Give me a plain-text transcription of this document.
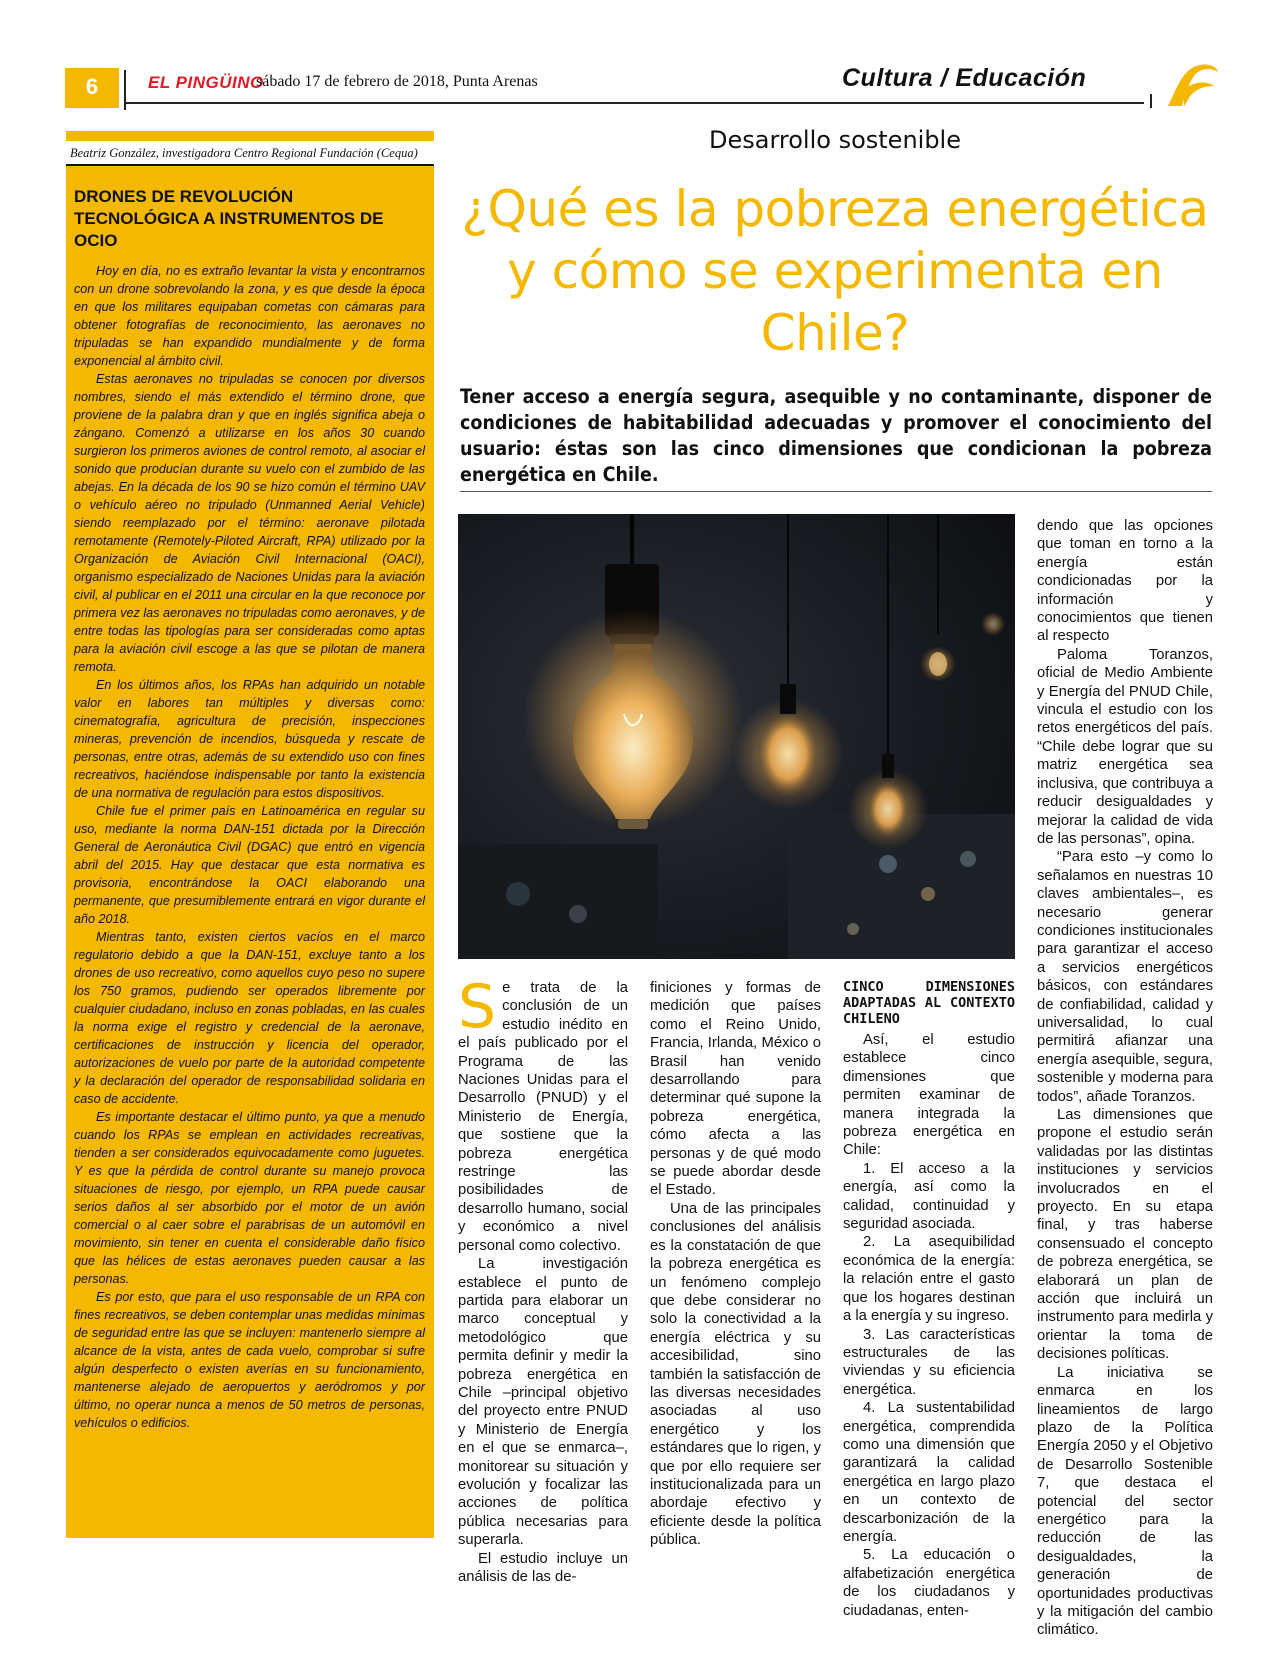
6	EL PINGÜINO
sábado 17 de febrero de 2018, Punta Arenas	Cultura / Educación
Beatriz González, investigadora Centro Regional Fundación (Cequa)
DRONES DE REVOLUCIÓN TECNOLÓGICA A INSTRUMENTOS DE OCIO

Hoy en día, no es extraño levantar la vista y encontrarnos con un drone sobrevolando la zona, y es que desde la época en que los militares equipaban cometas con cámaras para obtener fotografías de reconocimiento, las aeronaves no tripuladas se han expandido mundialmente y de forma exponencial al ámbito civil.

Estas aeronaves no tripuladas se conocen por diversos nombres, siendo el más extendido el término drone, que proviene de la palabra dran y que en inglés significa abeja o zángano. Comenzó a utilizarse en los años 30 cuando surgieron los primeros aviones de control remoto, al asociar el sonido que producían durante su vuelo con el zumbido de las abejas. En la década de los 90 se hizo común el término UAV o vehículo aéreo no tripulado (Unmanned Aerial Vehicle) siendo reemplazado por el término: aeronave pilotada remotamente (Remotely-Piloted Aircraft, RPA) utilizado por la Organización de Aviación Civil Internacional (OACI), organismo especializado de Naciones Unidas para la aviación civil, al publicar en el 2011 una circular en la que reconoce por primera vez las aeronaves no tripuladas como aeronaves, y de entre todas las tipologías para ser consideradas como aptas para la aviación civil escoge a las que se pilotan de manera remota.

En los últimos años, los RPAs han adquirido un notable valor en labores tan múltiples y diversas como: cinematografía, agricultura de precisión, inspecciones mineras, prevención de incendios, búsqueda y rescate de personas, entre otras, además de su extendido uso con fines recreativos, haciéndose indispensable por tanto la existencia de una normativa de regulación para estos dispositivos.

Chile fue el primer país en Latinoamérica en regular su uso, mediante la norma DAN-151 dictada por la Dirección General de Aeronáutica Civil (DGAC) que entró en vigencia abril del 2015. Hay que destacar que esta normativa es provisoria, encontrándose la OACI elaborando una permanente, que presumiblemente entrará en vigor durante el año 2018.

Mientras tanto, existen ciertos vacíos en el marco regulatorio debido a que la DAN-151, excluye tanto a los drones de uso recreativo, como aquellos cuyo peso no supere los 750 gramos, pudiendo ser operados libremente por cualquier ciudadano, incluso en zonas pobladas, en las cuales la norma exige el registro y credencial de la aeronave, certificaciones de instrucción y licencia del operador, autorizaciones de vuelo por parte de la autoridad competente y la declaración del operador de responsabilidad solidaria en caso de accidente.

Es importante destacar el último punto, ya que a menudo cuando los RPAs se emplean en actividades recreativas, tienden a ser considerados equivocadamente como juguetes. Y es que la pérdida de control durante su manejo provoca situaciones de riesgo, por ejemplo, un RPA puede causar serios daños al ser absorbido por el motor de un avión comercial o al caer sobre el parabrisas de un automóvil en movimiento, sin tener en cuenta el considerable daño físico que las hélices de estas aeronaves pueden causar a las personas.

Es por esto, que para el uso responsable de un RPA con fines recreativos, se deben contemplar unas medidas mínimas de seguridad entre las que se incluyen: mantenerlo siempre al alcance de la vista, antes de cada vuelo, comprobar si sufre algún desperfecto o existen averías en su funcionamiento, mantenerse alejado de aeropuertos y aeródromos y por último, no operar nunca a menos de 50 metros de personas, vehículos o edificios.

Desarrollo sostenible
¿Qué es la pobreza energética y cómo se experimenta en Chile?
Tener acceso a energía segura, asequible y no contaminante, disponer de condiciones de habitabilidad adecuadas y promover el conocimiento del usuario: éstas son las cinco dimensiones que condicionan la pobreza energética en Chile.
S e trata de la conclusión de un estudio inédito en el país publicado por el Programa de las Naciones Unidas para el Desarrollo (PNUD) y el Ministerio de Energía, que sostiene que la pobreza energética restringe las posibilidades de desarrollo humano, social y económico a nivel personal como colectivo.

La investigación establece el punto de partida para elaborar un marco conceptual y metodológico que permita definir y medir la pobreza energética en Chile –principal objetivo del proyecto entre PNUD y Ministerio de Energía en el que se enmarca–, monitorear su situación y evolución y focalizar las acciones de política pública necesarias para superarla.

El estudio incluye un análisis de las de-

finiciones y formas de medición que países como el Reino Unido, Francia, Irlanda, México o Brasil han venido desarrollando para determinar qué supone la pobreza energética, cómo afecta a las personas y de qué modo se puede abordar desde el Estado.

Una de las principales conclusiones del análisis es la constatación de que la pobreza energética es un fenómeno complejo que debe considerar no solo la conectividad a la energía eléctrica y su accesibilidad, sino también la satisfacción de las diversas necesidades asociadas al uso energético y los estándares que lo rigen, y que por ello requiere ser institucionalizada para un abordaje efectivo y eficiente desde la política pública.

CINCO DIMENSIONES ADAPTADAS AL CONTEXTO CHILENO

Así, el estudio establece cinco dimensiones que permiten examinar de manera integrada la pobreza energética en Chile:

1. El acceso a la energía, así como la calidad, continuidad y seguridad asociada.

2. La asequibilidad económica de la energía: la relación entre el gasto que los hogares destinan a la energía y su ingreso.

3. Las características estructurales de las viviendas y su eficiencia energética.

4. La sustentabilidad energética, comprendida como una dimensión que garantizará la calidad energética en largo plazo en un contexto de descarbonización de la energía.

5. La educación o alfabetización energética de los ciudadanos y ciudadanas, enten-

dendo que las opciones que toman en torno a la energía están condicionadas por la información y conocimientos que tienen al respecto

Paloma Toranzos, oficial de Medio Ambiente y Energía del PNUD Chile, vincula el estudio con los retos energéticos del país. “Chile debe lograr que su matriz energética sea inclusiva, que contribuya a reducir desigualdades y mejorar la calidad de vida de las personas”, opina.

“Para esto –y como lo señalamos en nuestras 10 claves ambientales–, es necesario generar condiciones institucionales para garantizar el acceso a servicios energéticos básicos, con estándares de confiabilidad, calidad y universalidad, lo cual permitirá afianzar una energía asequible, segura, sostenible y moderna para todos”, añade Toranzos.

Las dimensiones que propone el estudio serán validadas por las distintas instituciones y servicios involucrados en el proyecto. En su etapa final, y tras haberse consensuado el concepto de pobreza energética, se elaborará un plan de acción que incluirá un instrumento para medirla y orientar la toma de decisiones políticas.

La iniciativa se enmarca en los lineamientos de largo plazo de la Política Energía 2050 y el Objetivo de Desarrollo Sostenible 7, que destaca el potencial del sector energético para la reducción de las desigualdades, la generación de oportunidades productivas y la mitigación del cambio climático.
